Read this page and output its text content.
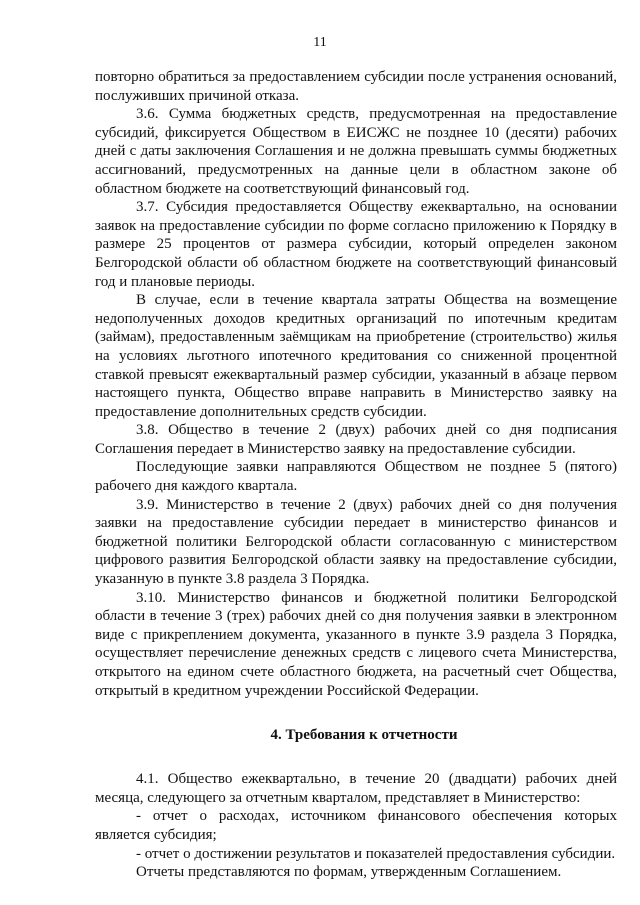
11

повторно обратиться за предоставлением субсидии после устранения оснований, послуживших причиной отказа.

3.6. Сумма бюджетных средств, предусмотренная на предоставление субсидий, фиксируется Обществом в ЕИСЖС не позднее 10 (десяти) рабочих дней с даты заключения Соглашения и не должна превышать суммы бюджетных ассигнований, предусмотренных на данные цели в областном законе об областном бюджете на соответствующий финансовый год.

3.7. Субсидия предоставляется Обществу ежеквартально, на основании заявок на предоставление субсидии по форме согласно приложению к Порядку в размере 25 процентов от размера субсидии, который определен законом Белгородской области об областном бюджете на соответствующий финансовый год и плановые периоды.

В случае, если в течение квартала затраты Общества на возмещение недополученных доходов кредитных организаций по ипотечным кредитам (займам), предоставленным заёмщикам на приобретение (строительство) жилья на условиях льготного ипотечного кредитования со сниженной процентной ставкой превысят ежеквартальный размер субсидии, указанный в абзаце первом настоящего пункта, Общество вправе направить в Министерство заявку на предоставление дополнительных средств субсидии.

3.8. Общество в течение 2 (двух) рабочих дней со дня подписания Соглашения передает в Министерство заявку на предоставление субсидии.

Последующие заявки направляются Обществом не позднее 5 (пятого) рабочего дня каждого квартала.

3.9. Министерство в течение 2 (двух) рабочих дней со дня получения заявки на предоставление субсидии передает в министерство финансов и бюджетной политики Белгородской области согласованную с министерством цифрового развития Белгородской области заявку на предоставление субсидии, указанную в пункте 3.8 раздела 3 Порядка.

3.10. Министерство финансов и бюджетной политики Белгородской области в течение 3 (трех) рабочих дней со дня получения заявки в электронном виде с прикреплением документа, указанного в пункте 3.9 раздела 3 Порядка, осуществляет перечисление денежных средств с лицевого счета Министерства, открытого на едином счете областного бюджета, на расчетный счет Общества, открытый в кредитном учреждении Российской Федерации.

4. Требования к отчетности

4.1. Общество ежеквартально, в течение 20 (двадцати) рабочих дней месяца, следующего за отчетным кварталом, представляет в Министерство:

- отчет о расходах, источником финансового обеспечения которых является субсидия;

- отчет о достижении результатов и показателей предоставления субсидии.

Отчеты представляются по формам, утвержденным Соглашением.
